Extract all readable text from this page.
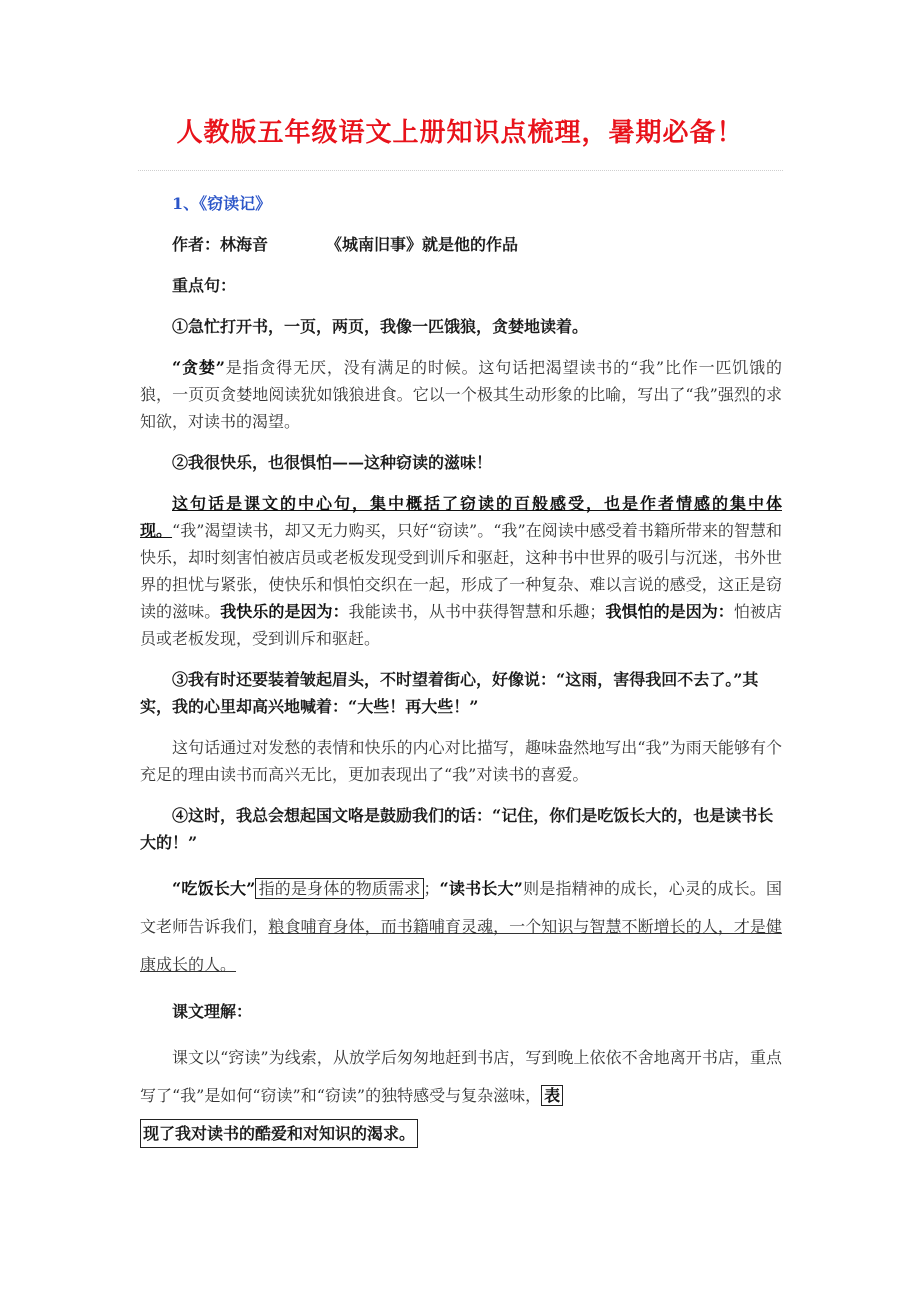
人教版五年级语文上册知识点梳理，暑期必备！

1、《窃读记》

作者：林海音	《城南旧事》就是他的作品

重点句：

①急忙打开书，一页，两页，我像一匹饿狼，贪婪地读着。

“贪婪”是指贪得无厌，没有满足的时候。这句话把渴望读书的“我”比作一匹饥饿的狼，一页页贪婪地阅读犹如饿狼进食。它以一个极其生动形象的比喻，写出了“我”强烈的求知欲，对读书的渴望。

②我很快乐，也很惧怕——这种窃读的滋味！

这句话是课文的中心句，集中概括了窃读的百般感受，也是作者情感的集中体现。“我”渴望读书，却又无力购买，只好“窃读”。“我”在阅读中感受着书籍所带来的智慧和快乐，却时刻害怕被店员或老板发现受到训斥和驱赶，这种书中世界的吸引与沉迷，书外世界的担忧与紧张，使快乐和惧怕交织在一起，形成了一种复杂、难以言说的感受，这正是窃读的滋味。我快乐的是因为：我能读书，从书中获得智慧和乐趣；我惧怕的是因为：怕被店员或老板发现，受到训斥和驱赶。

③我有时还要装着皱起眉头，不时望着街心，好像说：“这雨，害得我回不去了。”其实，我的心里却高兴地喊着：“大些！再大些！”

这句话通过对发愁的表情和快乐的内心对比描写，趣味盎然地写出“我”为雨天能够有个充足的理由读书而高兴无比，更加表现出了“我”对读书的喜爱。

④这时，我总会想起国文咯是鼓励我们的话：“记住，你们是吃饭长大的，也是读书长大的！”

“吃饭长大” 指的是身体的物质需求 ；“读书长大”则是指精神的成长，心灵的成长。国文老师告诉我们，粮食哺育身体，而书籍哺育灵魂，一个知识与智慧不断增长的人，才是健康成长的人。

课文理解：

课文以“窍读”为线索，从放学后匆匆地赶到书店，写到晚上依依不舍地离开书店，重点写了“我”是如何“窃读”和“窃读”的独特感受与复杂滋味， 表

现了我对读书的酷爱和对知识的渴求。
